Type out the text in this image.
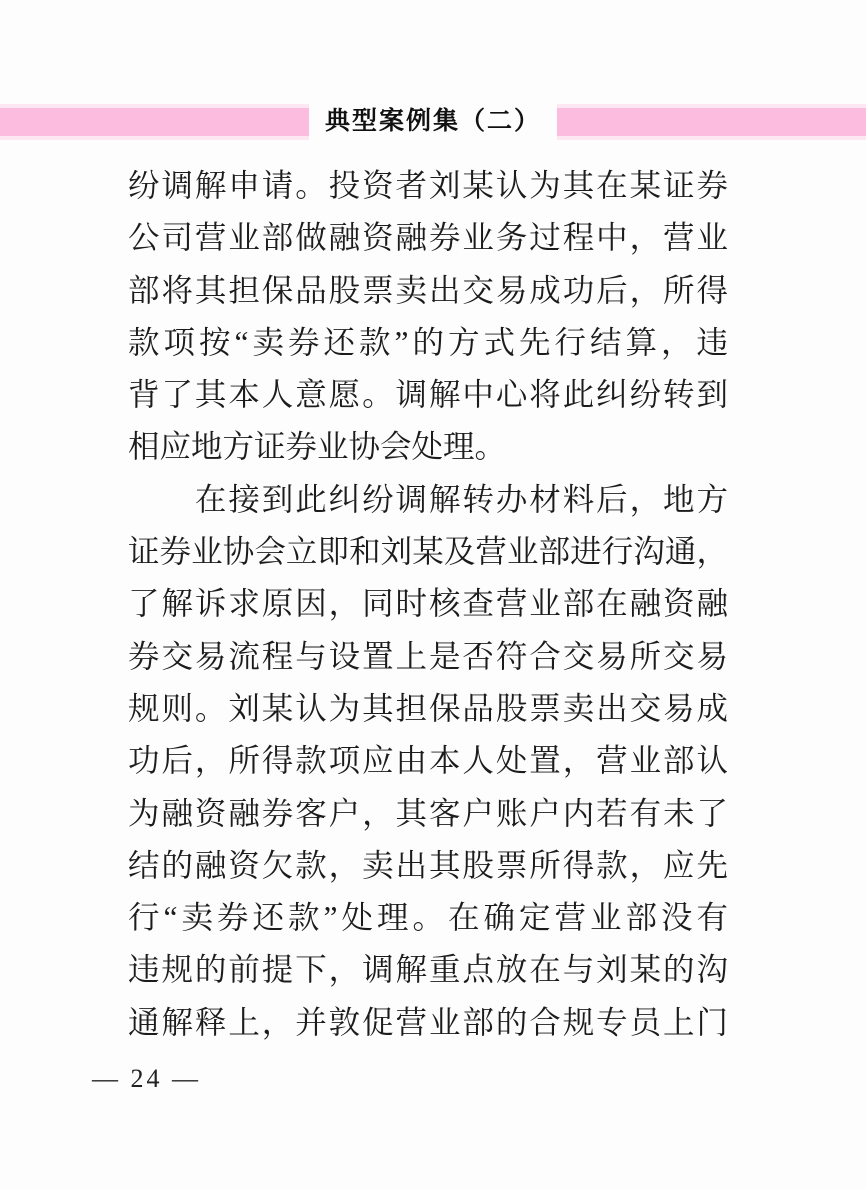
典型案例集（二）
纷调解申请。投资者刘某认为其在某证券
公司营业部做融资融券业务过程中，营业
部将其担保品股票卖出交易成功后，所得
款项按“卖券还款”的方式先行结算，违
背了其本人意愿。调解中心将此纠纷转到
相应地方证券业协会处理。
　　在接到此纠纷调解转办材料后，地方
证券业协会立即和刘某及营业部进行沟通，
了解诉求原因，同时核查营业部在融资融
券交易流程与设置上是否符合交易所交易
规则。刘某认为其担保品股票卖出交易成
功后，所得款项应由本人处置，营业部认
为融资融券客户，其客户账户内若有未了
结的融资欠款，卖出其股票所得款，应先
行“卖券还款”处理。在确定营业部没有
违规的前提下，调解重点放在与刘某的沟
通解释上，并敦促营业部的合规专员上门
— 24 —
